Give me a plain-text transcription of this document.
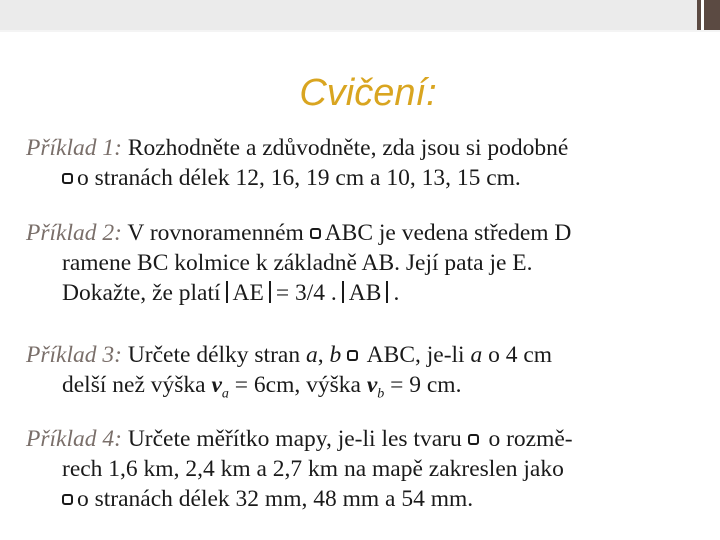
Cvičení:
Příklad 1: Rozhodněte a zdůvodněte, zda jsou si podobné
o stranách délek 12, 16, 19 cm a 10, 13, 15 cm.
Příklad 2: V rovnoramenném ABC je vedena středem D
ramene BC kolmice k základně AB. Její pata je E.
Dokažte, že platí AE = 3/4 . AB .
Příklad 3: Určete délky stran a, b  ABC, je-li a o 4 cm
delší než výška $v_a = 6cm$, výška $v_b = 9$ cm.
Příklad 4: Určete měřítko mapy, je-li les tvaru  o rozmě-
rech 1,6 km, 2,4 km a 2,7 km na mapě zakreslen jako
o stranách délek 32 mm, 48 mm a 54 mm.
